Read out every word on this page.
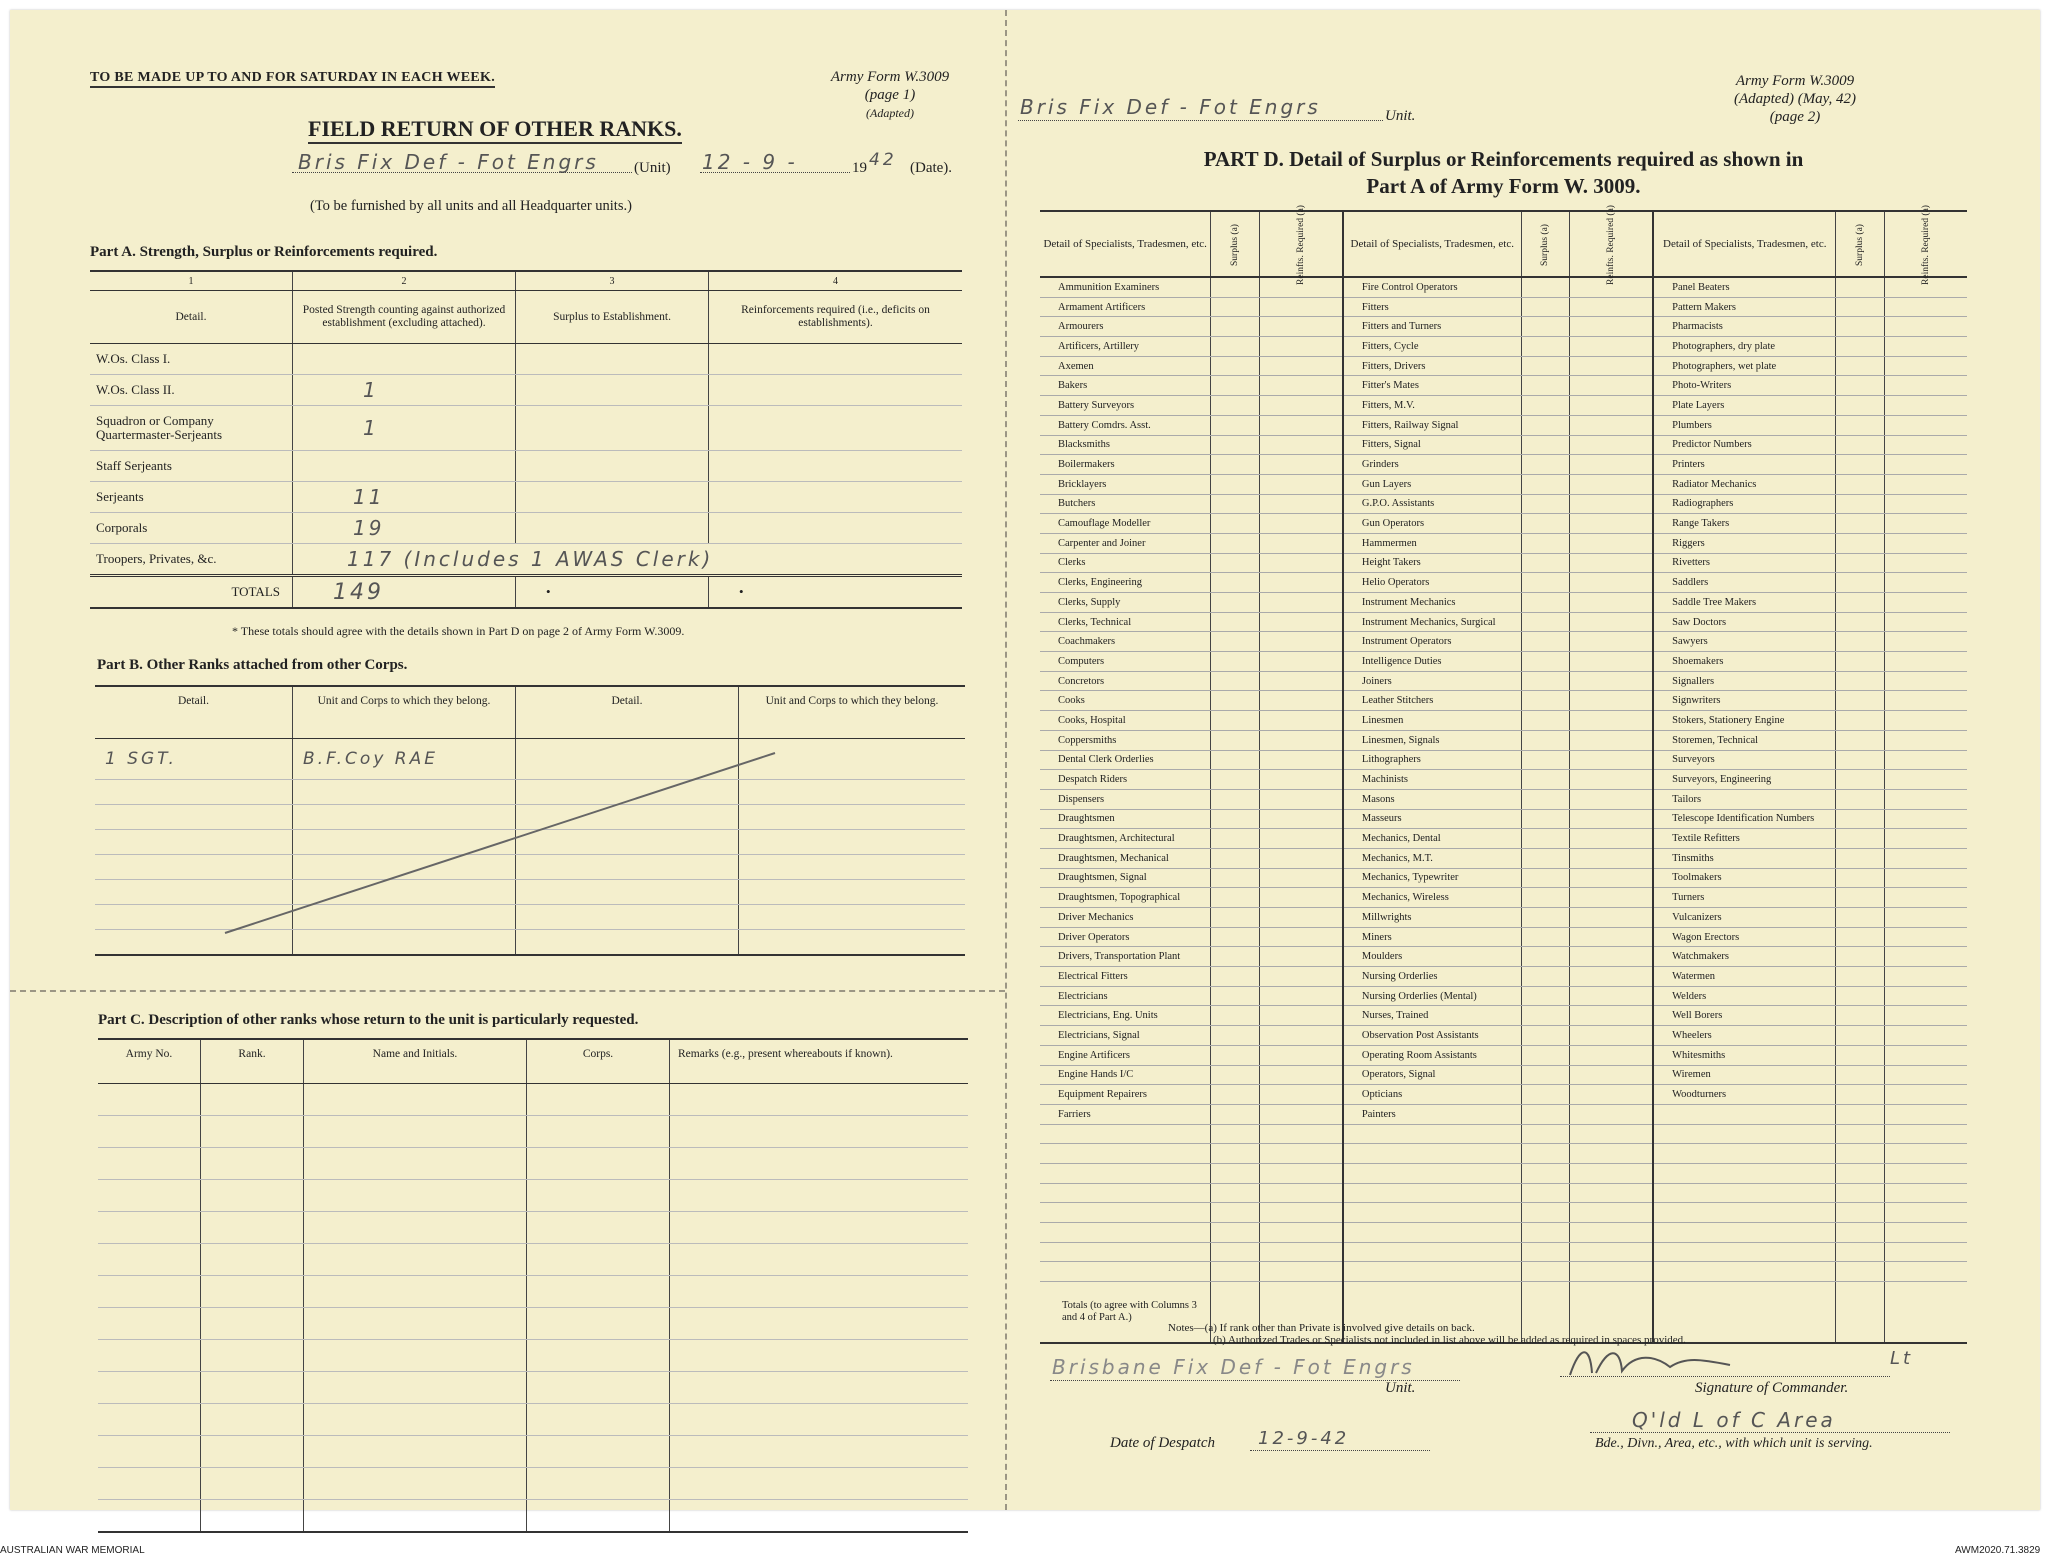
TO BE MADE UP TO AND FOR SATURDAY IN EACH WEEK.	Army Form W.3009
(page 1)
(Adapted)
FIELD RETURN OF OTHER RANKS.
Bris Fix Def - Fot Engrs (Unit) 12 - 9 -	19 42 (Date).
(To be furnished by all units and all Headquarter units.)
Part A. Strength, Surplus or Reinforcements required.
1	2	3	4
Detail.	Posted Strength counting against authorized establishment (excluding attached).	Surplus to Establishment.	Reinforcements required (i.e., deficits on establishments).
W.Os. Class I.			
W.Os. Class II.	1		
Squadron or Company Quartermaster-Serjeants	1		
Staff Serjeants			
Serjeants	11		
Corporals	19		
Troopers, Privates, &c.	117 (Includes 1 AWAS Clerk)		
TOTALS	149	•	•
* These totals should agree with the details shown in Part D on page 2 of Army Form W.3009.
Part B. Other Ranks attached from other Corps.
Detail.	Unit and Corps to which they belong.	Detail.	Unit and Corps to which they belong.
1 SGT.	B.F.Coy RAE		

Part C. Description of other ranks whose return to the unit is particularly requested.
Army No.	Rank.	Name and Initials.	Corps.	Remarks (e.g., present whereabouts if known).

Bris Fix Def - Fot Engrs	Unit.
Army Form W.3009
(Adapted) (May, 42)
(page 2)
PART D. Detail of Surplus or Reinforcements required as shown in
Part A of Army Form W. 3009.
Detail of Specialists, Tradesmen, etc.	Surplus (a)	Reinfts. Required (a)	Detail of Specialists, Tradesmen, etc.	Surplus (a)	Reinfts. Required (a)	Detail of Specialists, Tradesmen, etc.	Surplus (a)	Reinfts. Required (a)
Ammunition Examiners			Fire Control Operators			Panel Beaters		
Armament Artificers			Fitters			Pattern Makers		
Armourers			Fitters and Turners			Pharmacists		
Artificers, Artillery			Fitters, Cycle			Photographers, dry plate		
Axemen			Fitters, Drivers			Photographers, wet plate		
Bakers			Fitter's Mates			Photo-Writers		
Battery Surveyors			Fitters, M.V.			Plate Layers		
Battery Comdrs. Asst.			Fitters, Railway Signal			Plumbers		
Blacksmiths			Fitters, Signal			Predictor Numbers		
Boilermakers			Grinders			Printers		
Bricklayers			Gun Layers			Radiator Mechanics		
Butchers			G.P.O. Assistants			Radiographers		
Camouflage Modeller			Gun Operators			Range Takers		
Carpenter and Joiner			Hammermen			Riggers		
Clerks			Height Takers			Rivetters		
Clerks, Engineering			Helio Operators			Saddlers		
Clerks, Supply			Instrument Mechanics			Saddle Tree Makers		
Clerks, Technical			Instrument Mechanics, Surgical			Saw Doctors		
Coachmakers			Instrument Operators			Sawyers		
Computers			Intelligence Duties			Shoemakers		
Concretors			Joiners			Signallers		
Cooks			Leather Stitchers			Signwriters		
Cooks, Hospital			Linesmen			Stokers, Stationery Engine		
Coppersmiths			Linesmen, Signals			Storemen, Technical		
Dental Clerk Orderlies			Lithographers			Surveyors		
Despatch Riders			Machinists			Surveyors, Engineering		
Dispensers			Masons			Tailors		
Draughtsmen			Masseurs			Telescope Identification Numbers		
Draughtsmen, Architectural			Mechanics, Dental			Textile Refitters		
Draughtsmen, Mechanical			Mechanics, M.T.			Tinsmiths		
Draughtsmen, Signal			Mechanics, Typewriter			Toolmakers		
Draughtsmen, Topographical			Mechanics, Wireless			Turners		
Driver Mechanics			Millwrights			Vulcanizers		
Driver Operators			Miners			Wagon Erectors		
Drivers, Transportation Plant			Moulders			Watchmakers		
Electrical Fitters			Nursing Orderlies			Watermen		
Electricians			Nursing Orderlies (Mental)			Welders		
Electricians, Eng. Units			Nurses, Trained			Well Borers		
Electricians, Signal			Observation Post Assistants			Wheelers		
Engine Artificers			Operating Room Assistants			Whitesmiths		
Engine Hands I/C			Operators, Signal			Wiremen		
Equipment Repairers			Opticians			Woodturners		
Farriers			Painters					

Totals (to agree with Columns 3 and 4 of Part A.)								
Notes—(a) If rank other than Private is involved give details on back.
(b) Authorized Trades or Specialists not included in list above will be added as required in spaces provided.
Brisbane Fix Def - Fot Engrs
Unit.
Lt
Signature of Commander.
Q'ld L of C Area
Bde., Divn., Area, etc., with which unit is serving.
Date of Despatch 12-9-42
AUSTRALIAN WAR MEMORIAL	AWM2020.71.3829
